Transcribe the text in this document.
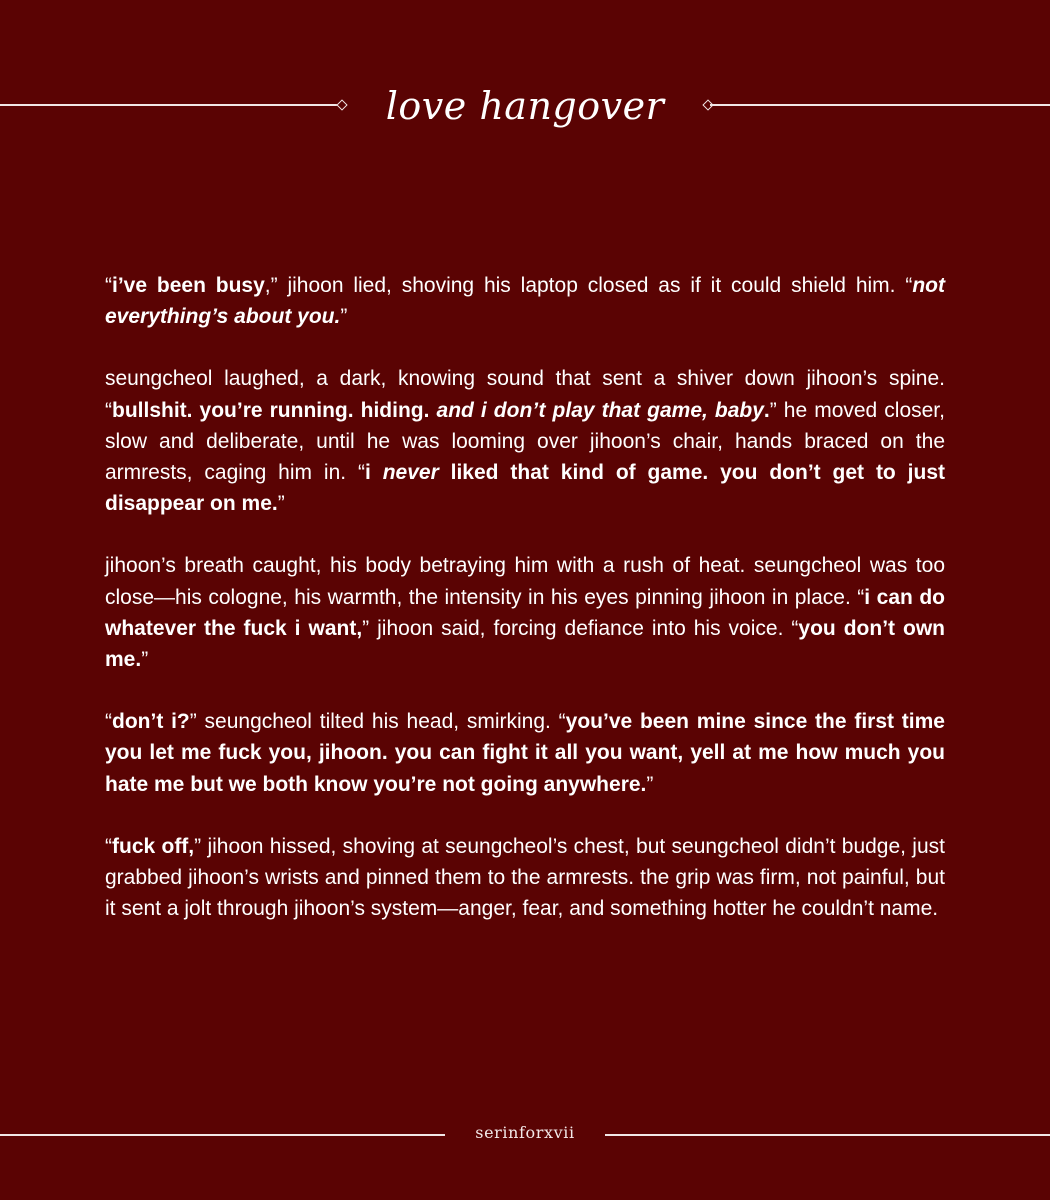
love hangover

“i’ve been busy,” jihoon lied, shoving his laptop closed as if it could shield him. “not everything’s about you.”

seungcheol laughed, a dark, knowing sound that sent a shiver down jihoon’s spine. “bullshit. you’re running. hiding. and i don’t play that game, baby.” he moved closer, slow and deliberate, until he was looming over jihoon’s chair, hands braced on the armrests, caging him in. “i never liked that kind of game. you don’t get to just disappear on me.”

jihoon’s breath caught, his body betraying him with a rush of heat. seungcheol was too close—his cologne, his warmth, the intensity in his eyes pinning jihoon in place. “i can do whatever the fuck i want,” jihoon said, forcing defiance into his voice. “you don’t own me.”

“don’t i?” seungcheol tilted his head, smirking. “you’ve been mine since the first time you let me fuck you, jihoon. you can fight it all you want, yell at me how much you hate me but we both know you’re not going anywhere.”

“fuck off,” jihoon hissed, shoving at seungcheol’s chest, but seungcheol didn’t budge, just grabbed jihoon’s wrists and pinned them to the armrests. the grip was firm, not painful, but it sent a jolt through jihoon’s system—anger, fear, and something hotter he couldn’t name.

serinforxvii
